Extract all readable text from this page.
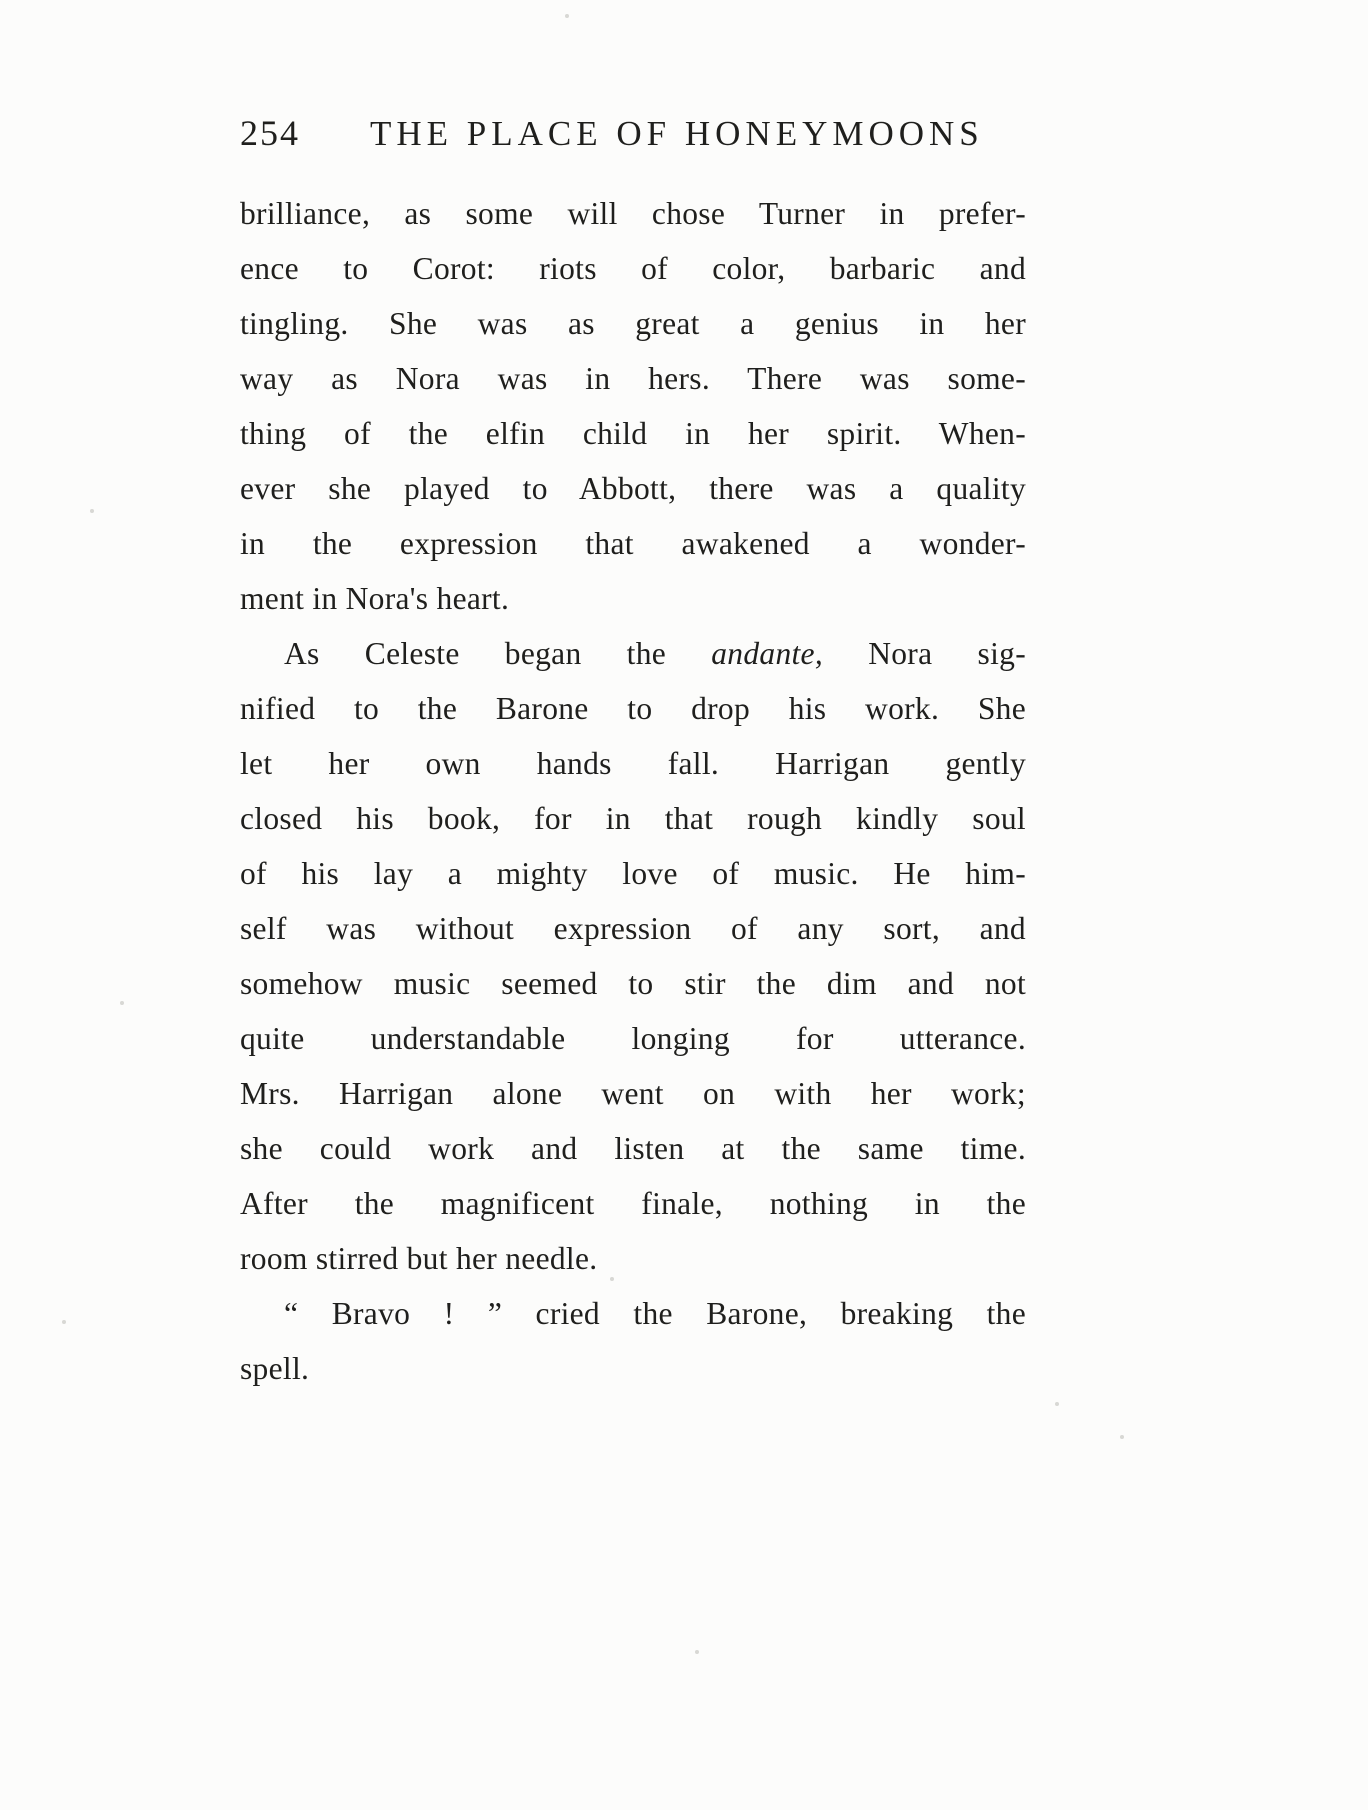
254 THE PLACE OF HONEYMOONS
brilliance, as some will chose Turner in prefer-
ence to Corot: riots of color, barbaric and
tingling. She was as great a genius in her
way as Nora was in hers. There was some-
thing of the elfin child in her spirit. When-
ever she played to Abbott, there was a quality
in the expression that awakened a wonder-
ment in Nora's heart.
As Celeste began the andante, Nora sig-
nified to the Barone to drop his work. She
let her own hands fall. Harrigan gently
closed his book, for in that rough kindly soul
of his lay a mighty love of music. He him-
self was without expression of any sort, and
somehow music seemed to stir the dim and not
quite understandable longing for utterance.
Mrs. Harrigan alone went on with her work;
she could work and listen at the same time.
After the magnificent finale, nothing in the
room stirred but her needle.
“ Bravo ! ” cried the Barone, breaking the
spell.
